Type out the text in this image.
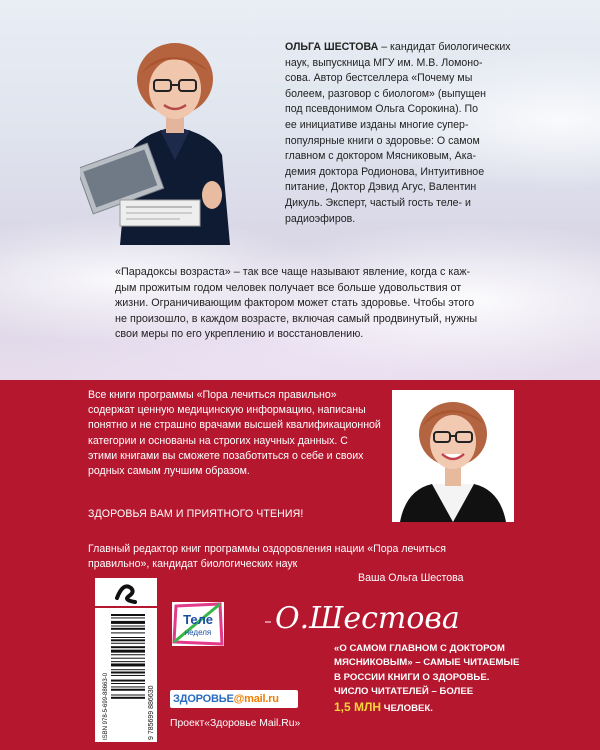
ОЛЬГА ШЕСТОВА – кандидат биологических
наук, выпускница МГУ им. М.В. Ломоно-
сова. Автор бестселлера «Почему мы
болеем, разговор с биологом» (выпущен
под псевдонимом Ольга Сорокина). По
ее инициативе изданы многие супер-
популярные книги о здоровье: О самом
главном с доктором Мясниковым, Ака-
демия доктора Родионова, Интуитивное
питание, Доктор Дэвид Агус, Валентин
Дикуль. Эксперт, частый гость теле- и
радиоэфиров.
«Парадоксы возраста» – так все чаще называют явление, когда с каж-
дым прожитым годом человек получает все больше удовольствия от
жизни. Ограничивающим фактором может стать здоровье. Чтобы этого
не произошло, в каждом возрасте, включая самый продвинутый, нужны
свои меры по его укреплению и восстановлению.
Все книги программы «Пора лечиться правильно»
содержат ценную медицинскую информацию, написаны
понятно и не страшно врачами высшей квалификационной
категории и основаны на строгих научных данных. С
этими книгами вы сможете позаботиться о себе и своих
родных самым лучшим образом.
ЗДОРОВЬЯ ВАМ И ПРИЯТНОГО ЧТЕНИЯ!
Главный редактор книг программы оздоровления нации «Пора лечиться
правильно», кандидат биологических наук
Ваша Ольга Шестова
О.Шестова
ISBN 978-5-699-88663-0	9 785699 886630
Теле
неделя
ЗДОРОВЬЕ@mail.ru
Проект«Здоровье Mail.Ru»
«О САМОМ ГЛАВНОМ С ДОКТОРОМ
МЯСНИКОВЫМ» – САМЫЕ ЧИТАЕМЫЕ
В РОССИИ КНИГИ О ЗДОРОВЬЕ.
ЧИСЛО ЧИТАТЕЛЕЙ – БОЛЕЕ
1,5 МЛН ЧЕЛОВЕК.
